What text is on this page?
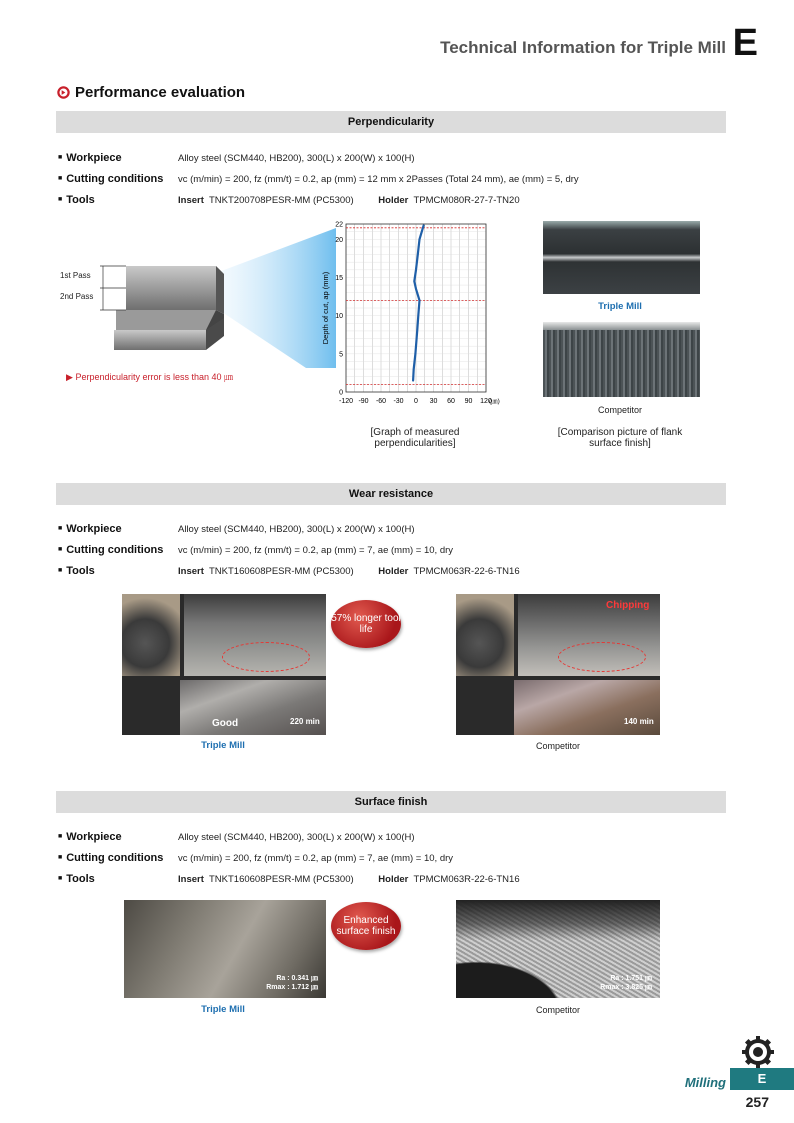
Technical Information for Triple Mill E
Performance evaluation
Perpendicularity
■ Workpiece	Alloy steel (SCM440, HB200), 300(L) x 200(W) x 100(H)
■ Cutting conditions vc (m/min) = 200, fz (mm/t) = 0.2, ap (mm) = 12 mm x 2Passes (Total 24 mm), ae (mm) = 5, dry
■ Tools	Insert TNKT200708PESR-MM (PC5300)	Holder TPMCM080R-27-7-TN20
1st Pass
2nd Pass
▶ Perpendicularity error is less than 40 ㎛
-120 -90 -60 -30 0 30 60 90 120
(㎛)
0
5
10
15
20
22
Depth of cut, ap (mm)
[Graph of measured perpendicularities]
Triple Mill
Competitor
[Comparison picture of flank surface finish]
Wear resistance
■ Workpiece	Alloy steel (SCM440, HB200), 300(L) x 200(W) x 100(H)
■ Cutting conditions vc (m/min) = 200, fz (mm/t) = 0.2, ap (mm) = 7, ae (mm) = 10, dry
■ Tools	Insert TNKT160608PESR-MM (PC5300)	Holder TPMCM063R-22-6-TN16
Good	220 min
57% longer tool life
Triple Mill
Chipping
140 min
Competitor
Surface finish
■ Workpiece	Alloy steel (SCM440, HB200), 300(L) x 200(W) x 100(H)
■ Cutting conditions vc (m/min) = 200, fz (mm/t) = 0.2, ap (mm) = 7, ae (mm) = 10, dry
■ Tools	Insert TNKT160608PESR-MM (PC5300)	Holder TPMCM063R-22-6-TN16
Ra : 0.341 ㎛
Rmax : 1.712 ㎛
Enhanced surface finish
Triple Mill
Ra : 1.751 ㎛
Rmax : 3.825 ㎛
Competitor
Milling	E
257
